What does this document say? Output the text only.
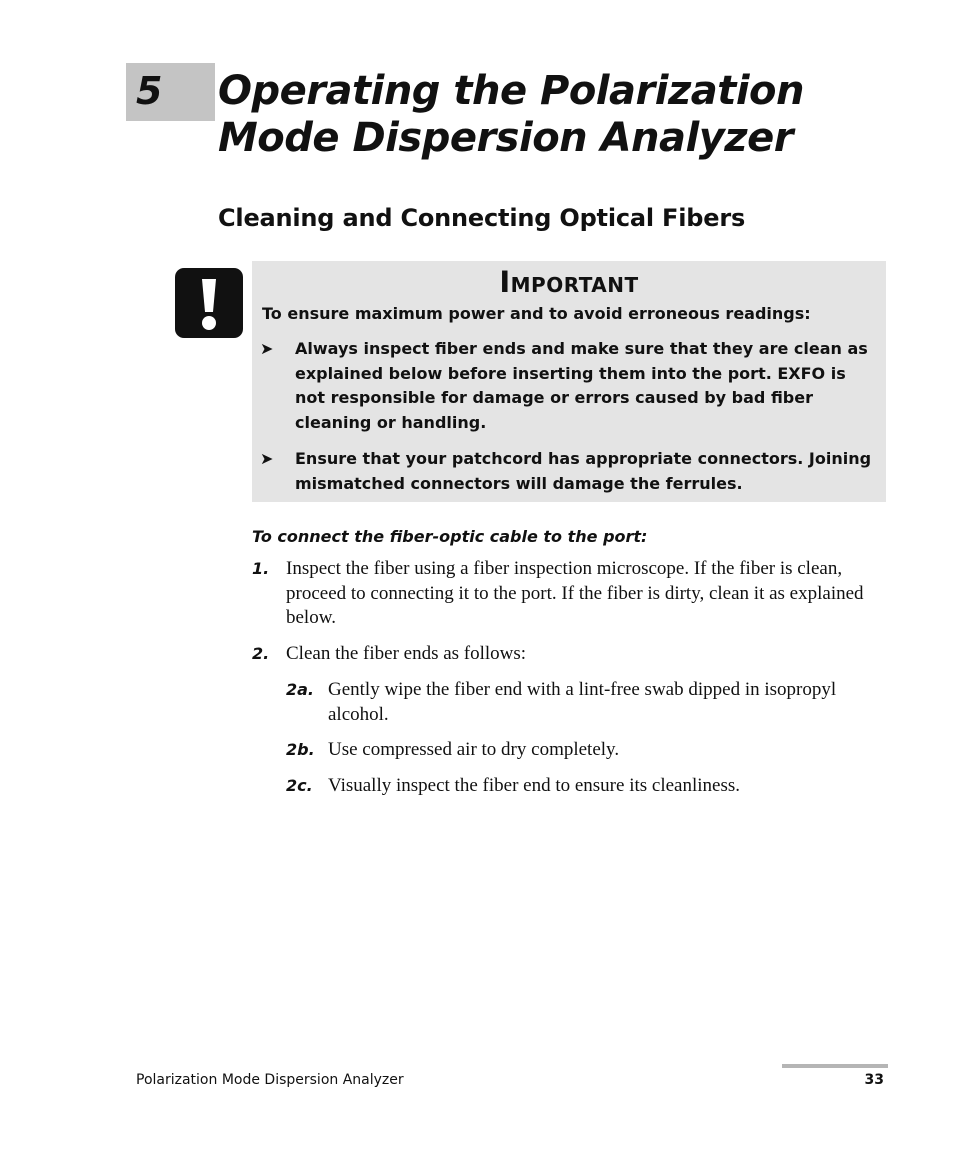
5 Operating the Polarization
Mode Dispersion Analyzer
Cleaning and Connecting Optical Fibers
Important
To ensure maximum power and to avoid erroneous readings:
➤	Always inspect fiber ends and make sure that they are clean as explained below before inserting them into the port. EXFO is not responsible for damage or errors caused by bad fiber cleaning or handling.
➤	Ensure that your patchcord has appropriate connectors. Joining mismatched connectors will damage the ferrules.
To connect the fiber-optic cable to the port:
1. Inspect the fiber using a fiber inspection microscope. If the fiber is clean, proceed to connecting it to the port. If the fiber is dirty, clean it as explained below.
2. Clean the fiber ends as follows:
2a. Gently wipe the fiber end with a lint-free swab dipped in isopropyl alcohol.
2b. Use compressed air to dry completely.
2c. Visually inspect the fiber end to ensure its cleanliness.
Polarization Mode Dispersion Analyzer	33
